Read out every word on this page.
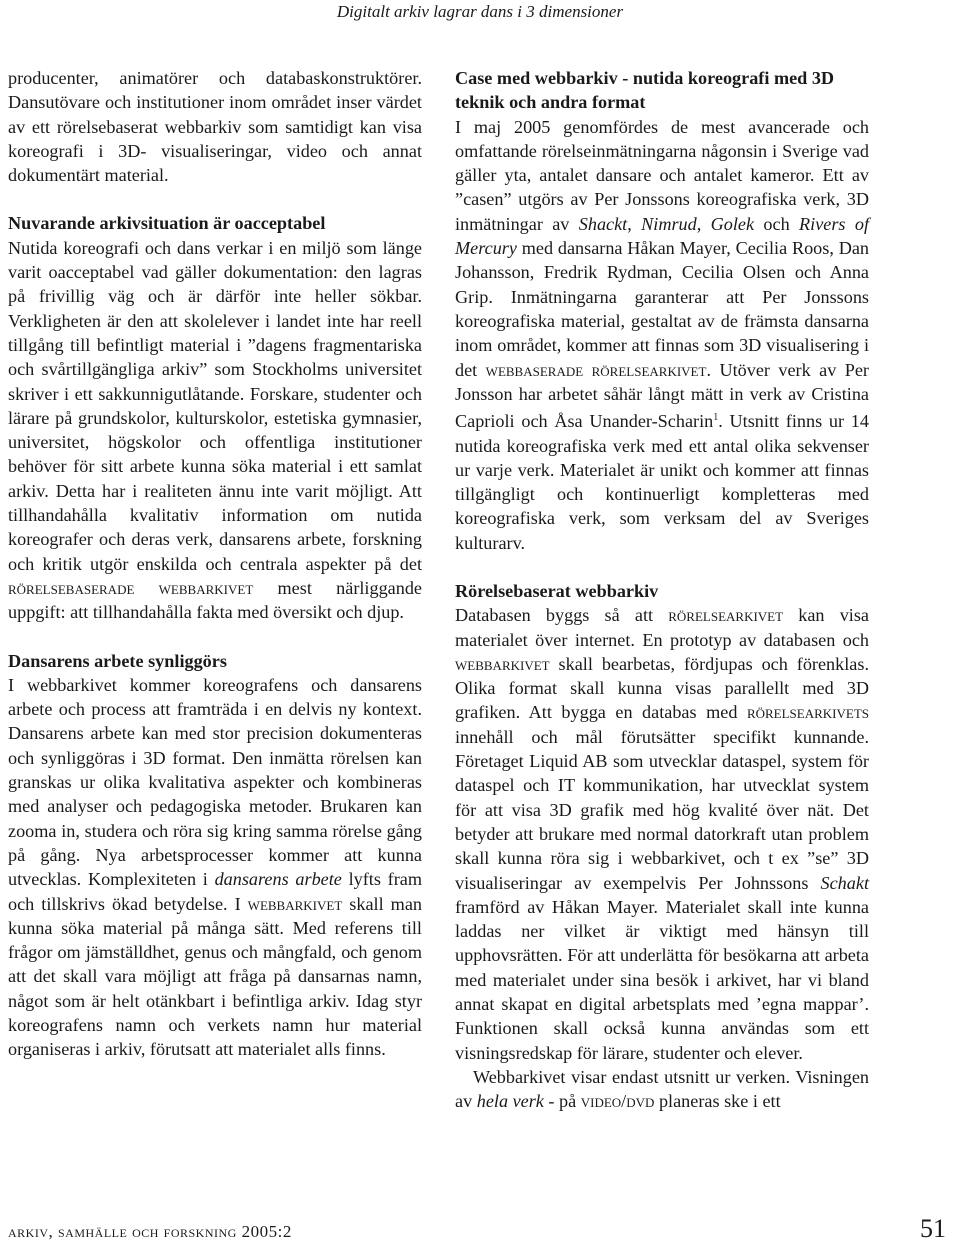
Digitalt arkiv lagrar dans i 3 dimensioner

producenter, animatörer och databaskonstruktörer. Dansutövare och institutioner inom området inser värdet av ett rörelsebaserat webbarkiv som samtidigt kan visa koreografi i 3D- visualiseringar, video och annat dokumentärt material.

Nuvarande arkivsituation är oacceptabel

Nutida koreografi och dans verkar i en miljö som länge varit oacceptabel vad gäller dokumentation: den lagras på frivillig väg och är därför inte heller sökbar. Verkligheten är den att skolelever i landet inte har reell tillgång till befintligt material i ”dagens fragmentariska och svårtillgängliga arkiv” som Stockholms universitet skriver i ett sakkunnigutlåtande. Forskare, studenter och lärare på grundskolor, kulturskolor, estetiska gymnasier, universitet, högskolor och offentliga institutioner behöver för sitt arbete kunna söka material i ett samlat arkiv. Detta har i realiteten ännu inte varit möjligt. Att tillhandahålla kvalitativ information om nutida koreografer och deras verk, dansarens arbete, forskning och kritik utgör enskilda och centrala aspekter på det rörelsebaserade webbarkivet mest närliggande uppgift: att tillhandahålla fakta med översikt och djup.

Dansarens arbete synliggörs

I webbarkivet kommer koreografens och dansarens arbete och process att framträda i en delvis ny kontext. Dansarens arbete kan med stor precision dokumenteras och synliggöras i 3D format. Den inmätta rörelsen kan granskas ur olika kvalitativa aspekter och kombineras med analyser och pedagogiska metoder. Brukaren kan zooma in, studera och röra sig kring samma rörelse gång på gång. Nya arbetsprocesser kommer att kunna utvecklas. Komplexiteten i dansarens arbete lyfts fram och tillskrivs ökad betydelse. I webbarkivet skall man kunna söka material på många sätt. Med referens till frågor om jämställdhet, genus och mångfald, och genom att det skall vara möjligt att fråga på dansarnas namn, något som är helt otänkbart i befintliga arkiv. Idag styr koreografens namn och verkets namn hur material organiseras i arkiv, förutsatt att materialet alls finns.

Case med webbarkiv - nutida koreografi med 3D teknik och andra format

I maj 2005 genomfördes de mest avancerade och omfattande rörelseinmätningarna någonsin i Sverige vad gäller yta, antalet dansare och antalet kameror. Ett av ”casen” utgörs av Per Jonssons koreografiska verk, 3D inmätningar av Shackt, Nimrud, Golek och Rivers of Mercury med dansarna Håkan Mayer, Cecilia Roos, Dan Johansson, Fredrik Rydman, Cecilia Olsen och Anna Grip. Inmätningarna garanterar att Per Jonssons koreografiska material, gestaltat av de främsta dansarna inom området, kommer att finnas som 3D visualisering i det webbaserade rörelsearkivet. Utöver verk av Per Jonsson har arbetet såhär långt mätt in verk av Cristina Caprioli och Åsa Unander-Scharin$^1$. Utsnitt finns ur 14 nutida koreografiska verk med ett antal olika sekvenser ur varje verk. Materialet är unikt och kommer att finnas tillgängligt och kontinuerligt kompletteras med koreografiska verk, som verksam del av Sveriges kulturarv.

Rörelsebaserat webbarkiv

Databasen byggs så att rörelsearkivet kan visa materialet över internet. En prototyp av databasen och webbarkivet skall bearbetas, fördjupas och förenklas. Olika format skall kunna visas parallellt med 3D grafiken. Att bygga en databas med rörelsearkivets innehåll och mål förutsätter specifikt kunnande. Företaget Liquid AB som utvecklar dataspel, system för dataspel och IT kommunikation, har utvecklat system för att visa 3D grafik med hög kvalité över nät. Det betyder att brukare med normal datorkraft utan problem skall kunna röra sig i webbarkivet, och t ex ”se” 3D visualiseringar av exempelvis Per Johnssons Schakt framförd av Håkan Mayer. Materialet skall inte kunna laddas ner vilket är viktigt med hänsyn till upphovsrätten. För att underlätta för besökarna att arbeta med materialet under sina besök i arkivet, har vi bland annat skapat en digital arbetsplats med ’egna mappar’. Funktionen skall också kunna användas som ett visningsredskap för lärare, studenter och elever.

Webbarkivet visar endast utsnitt ur verken. Visningen av hela verk - på video/dvd planeras ske i ett

arkiv, samhälle och forskning 2005:2	51
